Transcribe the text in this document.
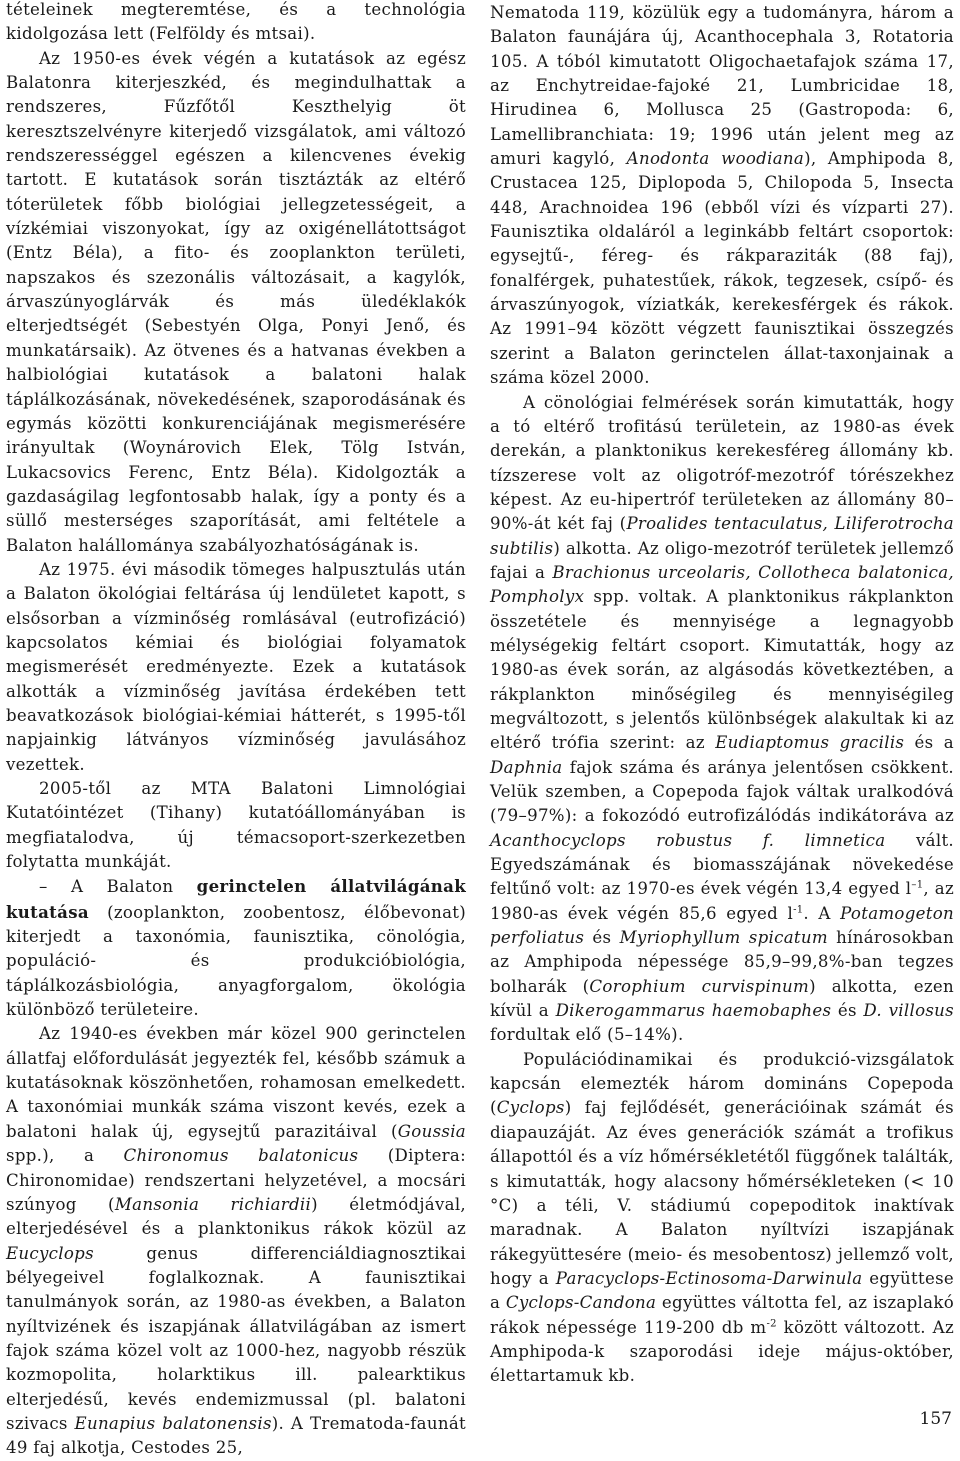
tételeinek megteremtése, és a technológia kidolgozása lett (Felföldy és mtsai).

Az 1950-es évek végén a kutatások az egész Balatonra kiterjeszkéd, és megindulhattak a rendszeres, Fűzfőtől Keszthelyig öt keresztszelvényre kiterjedő vizsgálatok, ami változó rendszerességgel egészen a kilencvenes évekig tartott. E kutatások során tisztázták az eltérő tóterületek főbb biológiai jellegzetességeit, a vízkémiai viszonyokat, így az oxigénellátottságot (Entz Béla), a fito- és zooplankton területi, napszakos és szezonális változásait, a kagylók, árvaszúnyoglárvák és más üledéklakók elterjedtségét (Sebestyén Olga, Ponyi Jenő, és munkatársaik). Az ötvenes és a hatvanas években a halbiológiai kutatások a balatoni halak táplálkozásának, növekedésének, szaporodásának és egymás közötti konkurenciájának megismerésére irányultak (Woynárovich Elek, Tölg István, Lukacsovics Ferenc, Entz Béla). Kidolgozták a gazdaságilag legfontosabb halak, így a ponty és a süllő mesterséges szaporítását, ami feltétele a Balaton halállománya szabályozhatóságának is.

Az 1975. évi második tömeges halpusztulás után a Balaton ökológiai feltárása új lendületet kapott, s elsősorban a vízminőség romlásával (eutrofizáció) kapcsolatos kémiai és biológiai folyamatok megismerését eredményezte. Ezek a kutatások alkották a vízminőség javítása érdekében tett beavatkozások biológiai-kémiai hátterét, s 1995-től napjainkig látványos vízminőség javulásához vezettek.

2005-től az MTA Balatoni Limnológiai Kutatóintézet (Tihany) kutatóállományában is megfiatalodva, új témacsoport-szerkezetben folytatta munkáját.

– A Balaton gerinctelen állatvilágának kutatása (zooplankton, zoobentosz, élőbevonat) kiterjedt a taxonómia, faunisztika, cönológia, populáció- és produkcióbiológia, táplálkozásbiológia, anyagforgalom, ökológia különböző területeire.

Az 1940-es években már közel 900 gerinctelen állatfaj előfordulását jegyezték fel, később számuk a kutatásoknak köszönhetően, rohamosan emelkedett. A taxonómiai munkák száma viszont kevés, ezek a balatoni halak új, egysejtű parazitáival (Goussia spp.), a Chironomus balatonicus (Diptera: Chironomidae) rendszertani helyzetével, a mocsári szúnyog (Mansonia richiardii) életmódjával, elterjedésével és a planktonikus rákok közül az Eucyclops genus differenciáldiagnosztikai bélyegeivel foglalkoznak. A faunisztikai tanulmányok során, az 1980-as években, a Balaton nyíltvizének és iszapjának állatvilágában az ismert fajok száma közel volt az 1000-hez, nagyobb részük kozmopolita, holarktikus ill. palearktikus elterjedésű, kevés endemizmussal (pl. balatoni szivacs Eunapius balatonensis). A Trematoda-faunát 49 faj alkotja, Cestodes 25,

Nematoda 119, közülük egy a tudományra, három a Balaton faunájára új, Acanthocephala 3, Rotatoria 105. A tóból kimutatott Oligochaetafajok száma 17, az Enchytreidae-fajoké 21, Lumbricidae 18, Hirudinea 6, Mollusca 25 (Gastropoda: 6, Lamellibranchiata: 19; 1996 után jelent meg az amuri kagyló, Anodonta woodiana), Amphipoda 8, Crustacea 125, Diplopoda 5, Chilopoda 5, Insecta 448, Arachnoidea 196 (ebből vízi és vízparti 27). Faunisztika oldaláról a leginkább feltárt csoportok: egysejtű-, féreg- és rákparaziták (88 faj), fonalférgek, puhatestűek, rákok, tegzesek, csípő- és árvaszúnyogok, víziatkák, kerekesférgek és rákok. Az 1991–94 között végzett faunisztikai összegzés szerint a Balaton gerinctelen állat-taxonjainak a száma közel 2000.

A cönológiai felmérések során kimutatták, hogy a tó eltérő trofitású területein, az 1980-as évek derekán, a planktonikus kerekesféreg állomány kb. tízszerese volt az oligotróf-mezotróf tórészekhez képest. Az eu-hipertróf területeken az állomány 80–90%-át két faj (Proalides tentaculatus, Liliferotrocha subtilis) alkotta. Az oligo-mezotróf területek jellemző fajai a Brachionus urceolaris, Collotheca balatonica, Pompholyx spp. voltak. A planktonikus rákplankton összetétele és mennyisége a legnagyobb mélységekig feltárt csoport. Kimutatták, hogy az 1980-as évek során, az algásodás következtében, a rákplankton minőségileg és mennyiségileg megváltozott, s jelentős különbségek alakultak ki az eltérő trófia szerint: az Eudiaptomus gracilis és a Daphnia fajok száma és aránya jelentősen csökkent. Velük szemben, a Copepoda fajok váltak uralkodóvá (79–97%): a fokozódó eutrofizálódás indikátoráva az Acanthocyclops robustus f. limnetica vált. Egyedszámának és biomasszájának növekedése feltűnő volt: az 1970-es évek végén 13,4 egyed $l^{-1}$, az 1980-as évek végén 85,6 egyed $l^{-1}$. A Potamogeton perfoliatus és Myriophyllum spicatum hínárosokban az Amphipoda népessége 85,9–99,8%-ban tegzes bolharák (Corophium curvispinum) alkotta, ezen kívül a Dikerogammarus haemobaphes és D. villosus fordultak elő (5–14%).

Populációdinamikai és produkció-vizsgálatok kapcsán elemezték három domináns Copepoda (Cyclops) faj fejlődését, generációinak számát és diapauzáját. Az éves generációk számát a trofikus állapottól és a víz hőmérsékletétől függőnek találták, s kimutatták, hogy alacsony hőmérsékleteken (< 10 °C) a téli, V. stádiumú copepoditok inaktívak maradnak. A Balaton nyíltvízi iszapjának rákegyüttesére (meio- és mesobentosz) jellemző volt, hogy a Paracyclops-Ectinosoma-Darwinula együttese a Cyclops-Candona együttes váltotta fel, az iszaplakó rákok népessége 119-200 db $m^{-2}$ között változott. Az Amphipoda-k szaporodási ideje május-október, élettartamuk kb.

157
